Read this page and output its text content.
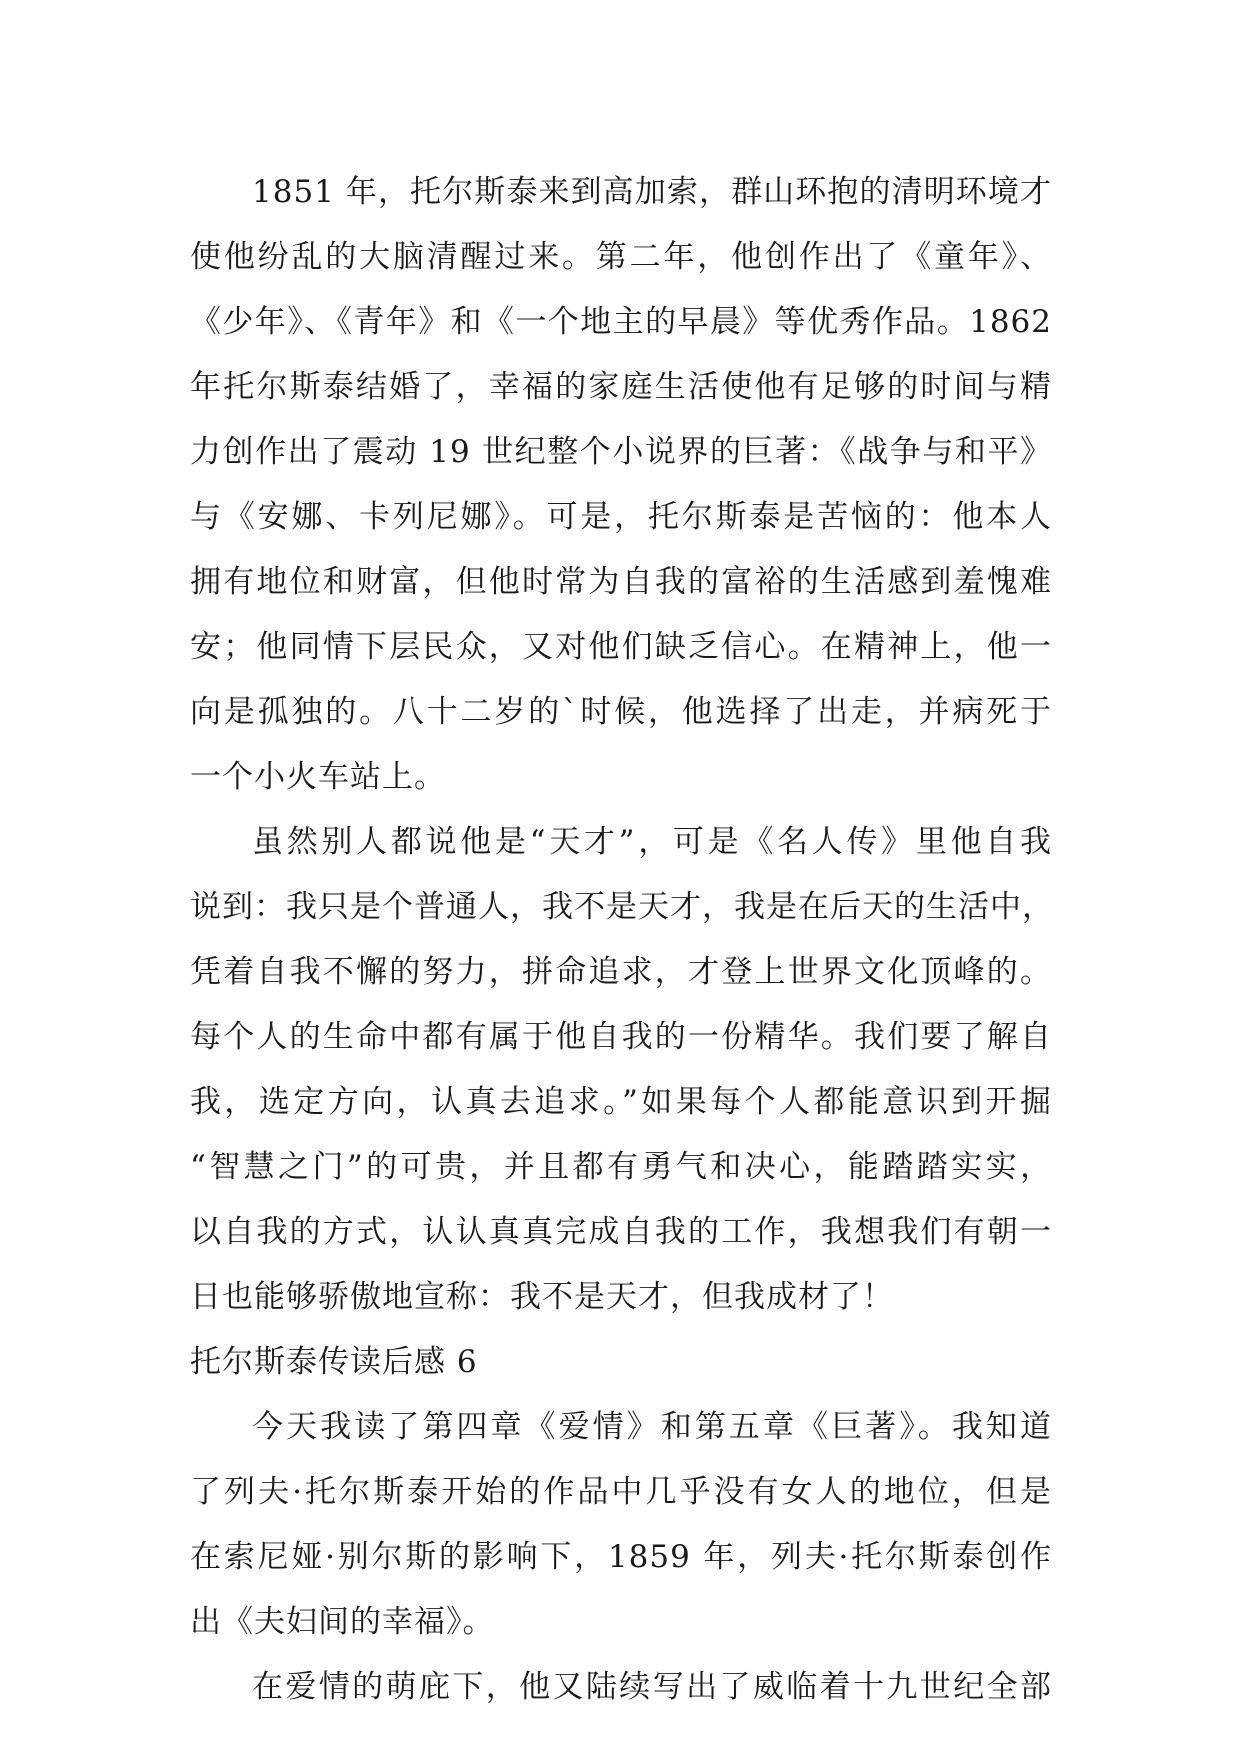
1851 年，托尔斯泰来到高加索，群山环抱的清明环境才
使他纷乱的大脑清醒过来。第二年，他创作出了《童年》、
《少年》、《青年》和《一个地主的早晨》等优秀作品。1862
年托尔斯泰结婚了，幸福的家庭生活使他有足够的时间与精
力创作出了震动 19 世纪整个小说界的巨著：《战争与和平》
与《安娜、卡列尼娜》。可是，托尔斯泰是苦恼的：他本人
拥有地位和财富，但他时常为自我的富裕的生活感到羞愧难
安；他同情下层民众，又对他们缺乏信心。在精神上，他一
向是孤独的。八十二岁的`时候，他选择了出走，并病死于
一个小火车站上。
虽然别人都说他是“天才”，可是《名人传》里他自我
说到：我只是个普通人，我不是天才，我是在后天的生活中，
凭着自我不懈的努力，拼命追求，才登上世界文化顶峰的。
每个人的生命中都有属于他自我的一份精华。我们要了解自
我，选定方向，认真去追求。”如果每个人都能意识到开掘
“智慧之门”的可贵，并且都有勇气和决心，能踏踏实实，
以自我的方式，认认真真完成自我的工作，我想我们有朝一
日也能够骄傲地宣称：我不是天才，但我成材了！
托尔斯泰传读后感 6
今天我读了第四章《爱情》和第五章《巨著》。我知道
了列夫·托尔斯泰开始的作品中几乎没有女人的地位，但是
在索尼娅·别尔斯的影响下，1859 年，列夫·托尔斯泰创作
出《夫妇间的幸福》。
在爱情的萌庇下，他又陆续写出了威临着十九世纪全部
